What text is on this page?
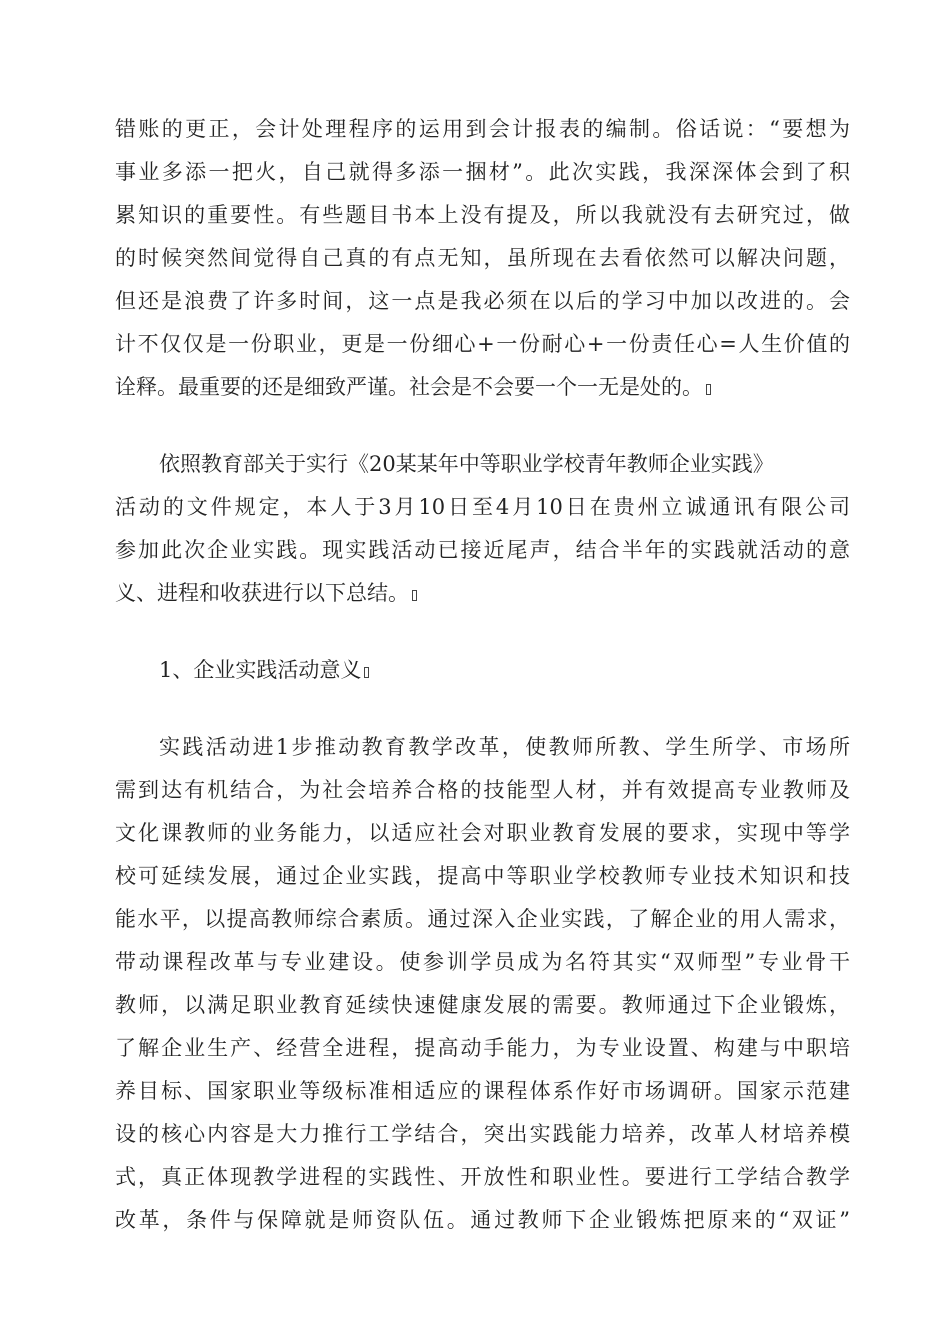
错账的更正，会计处理程序的运用到会计报表的编制。俗话说：“要想为
事业多添一把火，自己就得多添一捆材”。此次实践，我深深体会到了积
累知识的重要性。有些题目书本上没有提及，所以我就没有去研究过，做
的时候突然间觉得自己真的有点无知，虽所现在去看依然可以解决问题，
但还是浪费了许多时间，这一点是我必须在以后的学习中加以改进的。会
计不仅仅是一份职业，更是一份细心+一份耐心+一份责任心=人生价值的
诠释。最重要的还是细致严谨。社会是不会要一个一无是处的。
依照教育部关于实行《20某某年中等职业学校青年教师企业实践》
活动的文件规定，本人于3月10日至4月10日在贵州立诚通讯有限公司
参加此次企业实践。现实践活动已接近尾声，结合半年的实践就活动的意
义、进程和收获进行以下总结。
1、企业实践活动意义
实践活动进1步推动教育教学改革，使教师所教、学生所学、市场所
需到达有机结合，为社会培养合格的技能型人材，并有效提高专业教师及
文化课教师的业务能力，以适应社会对职业教育发展的要求，实现中等学
校可延续发展，通过企业实践，提高中等职业学校教师专业技术知识和技
能水平，以提高教师综合素质。通过深入企业实践，了解企业的用人需求，
带动课程改革与专业建设。使参训学员成为名符其实“双师型”专业骨干
教师，以满足职业教育延续快速健康发展的需要。教师通过下企业锻炼，
了解企业生产、经营全进程，提高动手能力，为专业设置、构建与中职培
养目标、国家职业等级标准相适应的课程体系作好市场调研。国家示范建
设的核心内容是大力推行工学结合，突出实践能力培养，改革人材培养模
式，真正体现教学进程的实践性、开放性和职业性。要进行工学结合教学
改革，条件与保障就是师资队伍。通过教师下企业锻炼把原来的“双证”
